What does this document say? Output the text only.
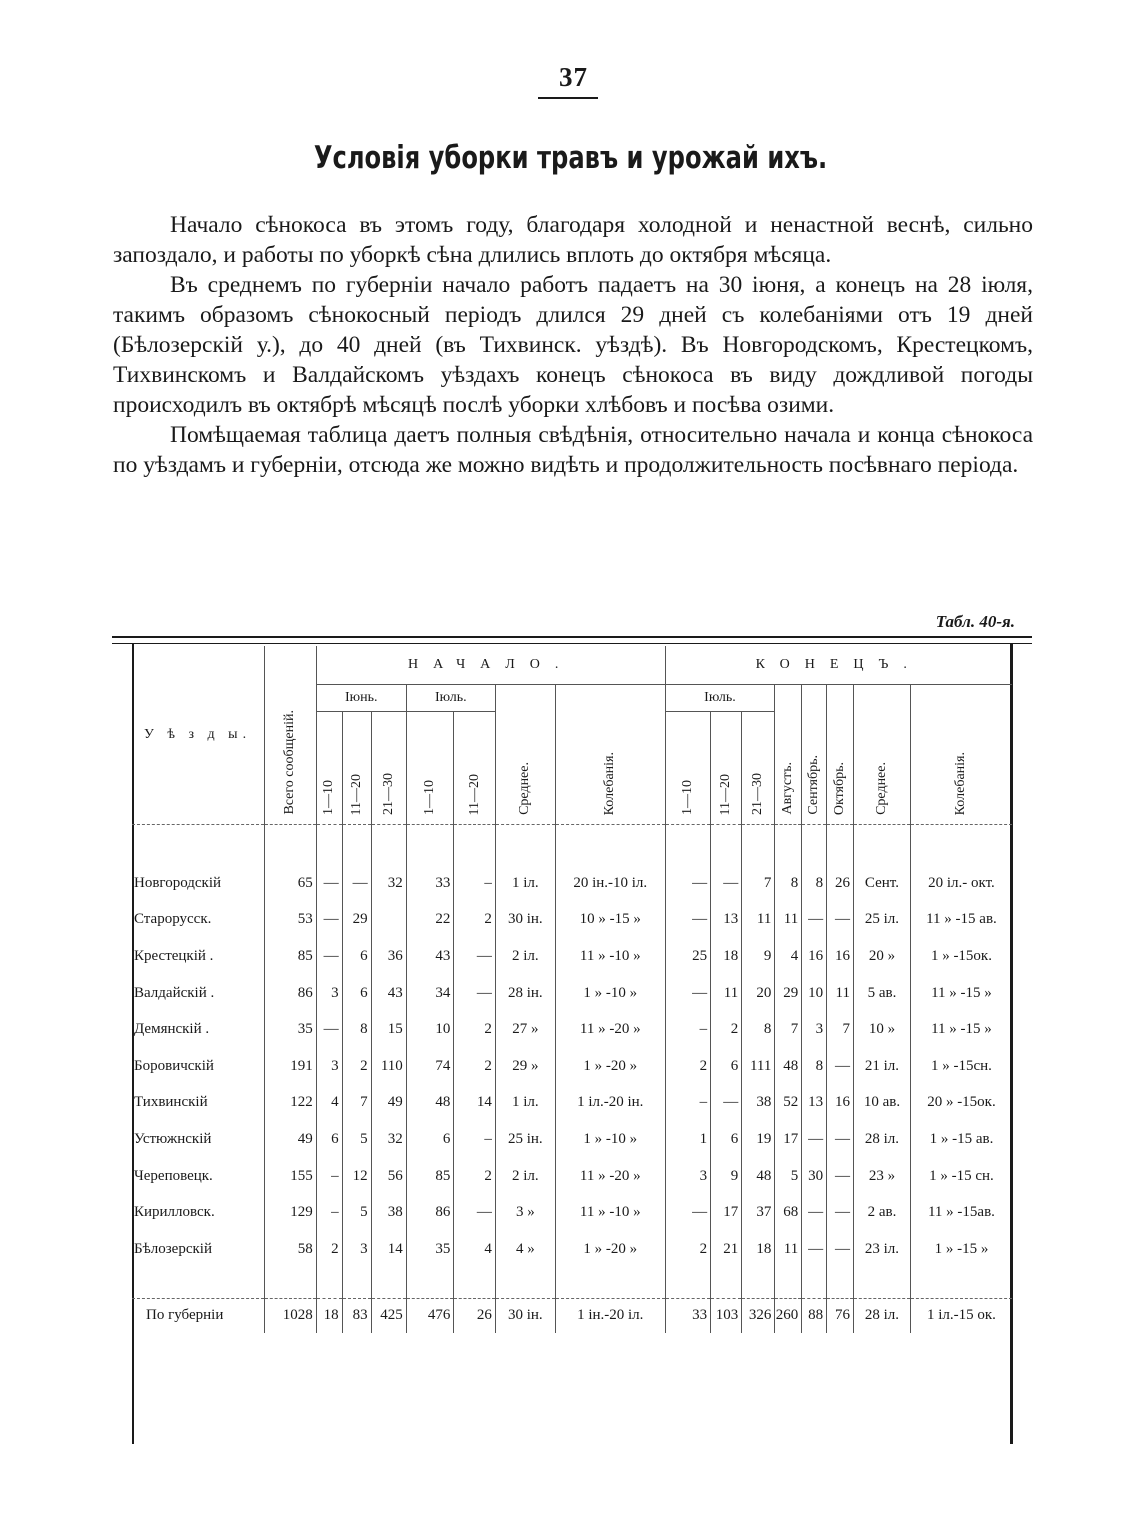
37
Условія уборки травъ и урожай ихъ.

Начало сѣнокоса въ этомъ году, благодаря холодной и ненастной веснѣ, сильно запоздало, и работы по уборкѣ сѣна длились вплоть до октября мѣсяца.

Въ среднемъ по губерніи начало работъ падаетъ на 30 іюня, а конецъ на 28 іюля, такимъ образомъ сѣнокосный періодъ длился 29 дней съ колебаніями отъ 19 дней (Бѣлозерскій у.), до 40 дней (въ Тихвинск. уѣздѣ). Въ Новгородскомъ, Крестецкомъ, Тихвинскомъ и Валдайскомъ уѣздахъ конецъ сѣнокоса въ виду дождливой погоды происходилъ въ октябрѣ мѣсяцѣ послѣ уборки хлѣбовъ и посѣва озими.

Помѣщаемая таблица даетъ полныя свѣдѣнія, относительно начала и конца сѣнокоса по уѣздамъ и губерніи, отсюда же можно видѣть и продолжительность посѣвнаго періода.

Табл. 40-я.
У ѣ з д ы.	Всего сообщеній.	НАЧАЛО.							КОНЕЦЪ.							
		Іюнь.			Іюль.		Среднее.	Колебанія.	Іюль.			Августъ.	Сентябрь.	Октябрь.	Среднее.	Колебанія.
		1—10	11—20	21—30	1—10	11—20			1—10	11—20	21—30					

Новгородскій	65	—	—	32	33	–	1 іл.	20 ін.-10 іл.	—	—	7	8	8	26	Сент.	20 іл.- окт.
Старорусск.	53	—	29		22	2	30 ін.	10 » -15 »	—	13	11	11	—	—	25 іл.	11 » -15 ав.
Крестецкій .	85	—	6	36	43	—	2 іл.	11 » -10 »	25	18	9	4	16	16	20 »	1 » -15ок.
Валдайскій .	86	3	6	43	34	—	28 ін.	1 » -10 »	—	11	20	29	10	11	5 ав.	11 » -15 »
Демянскій .	35	—	8	15	10	2	27 »	11 » -20 »	–	2	8	7	3	7	10 »	11 » -15 »
Боровичскій	191	3	2	110	74	2	29 »	1 » -20 »	2	6	111	48	8	—	21 іл.	1 » -15сн.
Тихвинскій	122	4	7	49	48	14	1 іл.	1 іл.-20 ін.	–	—	38	52	13	16	10 ав.	20 » -15ок.
Устюжнскій	49	6	5	32	6	–	25 ін.	1 » -10 »	1	6	19	17	—	—	28 іл.	1 » -15 ав.
Череповецк.	155	–	12	56	85	2	2 іл.	11 » -20 »	3	9	48	5	30	—	23 »	1 » -15 сн.
Кирилловск.	129	–	5	38	86	—	3 »	11 » -10 »	—	17	37	68	—	—	2 ав.	11 » -15ав.
Бѣлозерскій	58	2	3	14	35	4	4 »	1 » -20 »	2	21	18	11	—	—	23 іл.	1 » -15 »

По губерніи	1028	18	83	425	476	26	30 ін.	1 ін.-20 іл.	33	103	326	260	88	76	28 іл.	1 іл.-15 ок.
